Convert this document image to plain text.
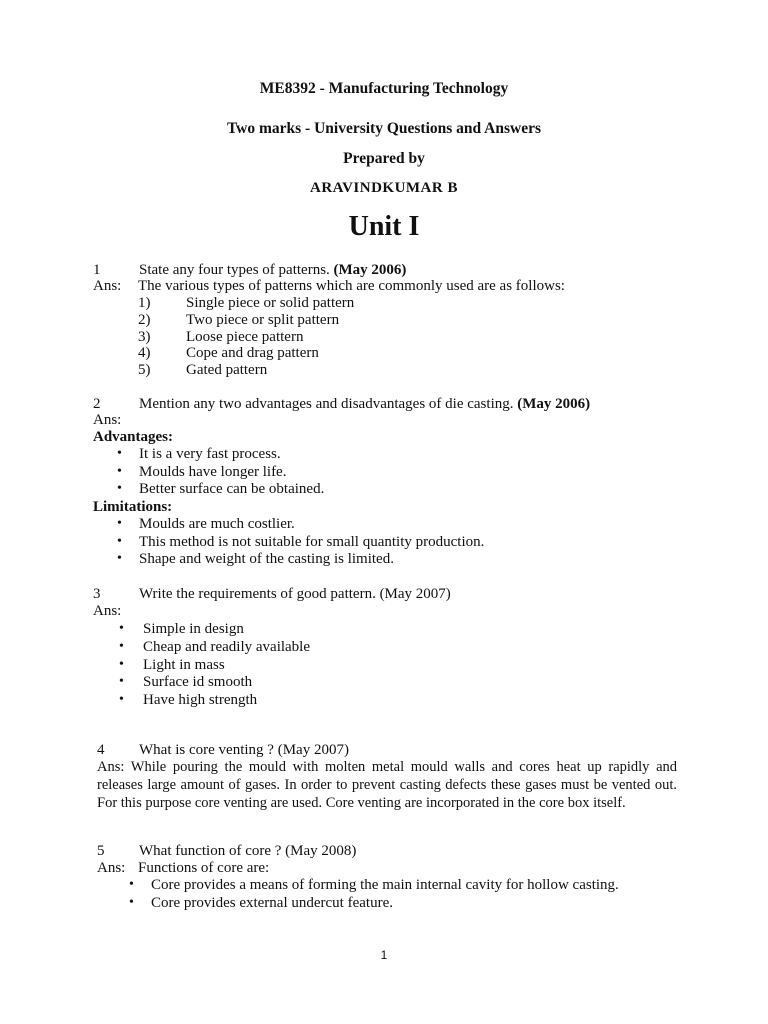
ME8392 - Manufacturing Technology
Two marks - University Questions and Answers
Prepared by
ARAVINDKUMAR B
Unit I
1	State any four types of patterns. (May 2006)
Ans: The various types of patterns which are commonly used are as follows:
1) Single piece or solid pattern
2) Two piece or split pattern
3) Loose piece pattern
4) Cope and drag pattern
5) Gated pattern
2	Mention any two advantages and disadvantages of die casting. (May 2006)
Ans:
Advantages:
• It is a very fast process.
• Moulds have longer life.
• Better surface can be obtained.
Limitations:
• Moulds are much costlier.
• This method is not suitable for small quantity production.
• Shape and weight of the casting is limited.
3	Write the requirements of good pattern. (May 2007)
Ans:
• Simple in design
• Cheap and readily available
• Light in mass
• Surface id smooth
• Have high strength
4 What is core venting ? (May 2007)
Ans: While pouring the mould with molten metal mould walls and cores heat up rapidly and releases large amount of gases. In order to prevent casting defects these gases must be vented out. For this purpose core venting are used. Core venting are incorporated in the core box itself.
5 What function of core ? (May 2008)
Ans: Functions of core are:
• Core provides a means of forming the main internal cavity for hollow casting.
• Core provides external undercut feature.
1
